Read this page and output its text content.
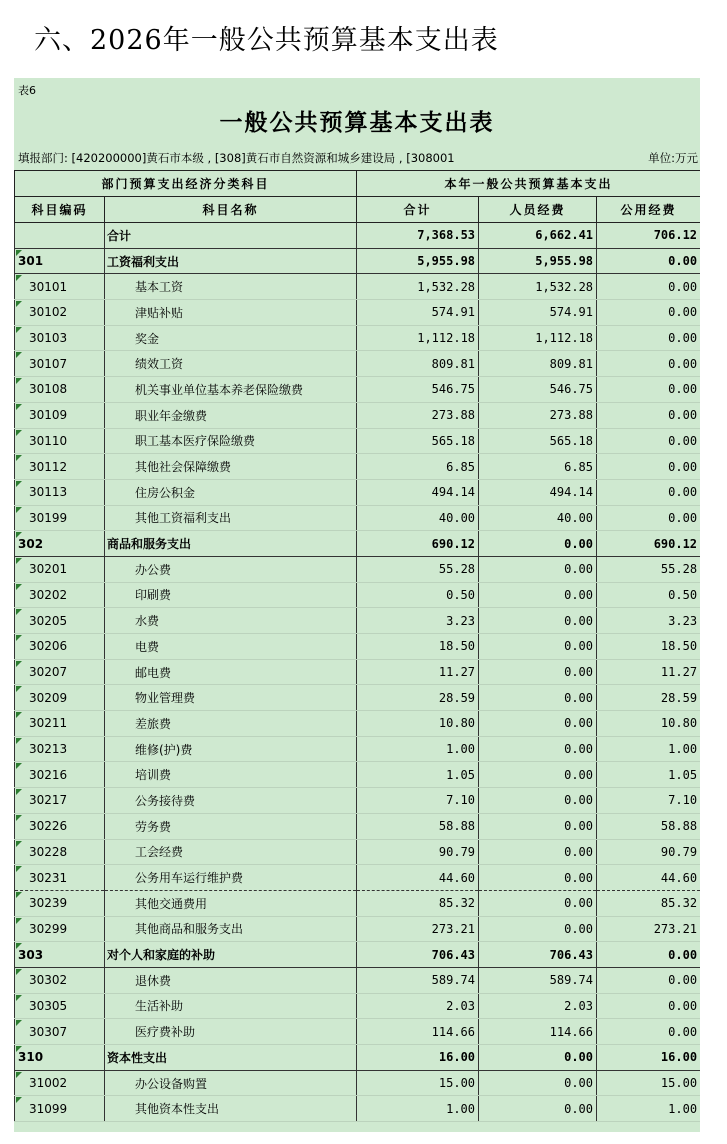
六、2026年一般公共预算基本支出表
表6
一般公共预算基本支出表
填报部门: [420200000]黄石市本级 , [308]黄石市自然资源和城乡建设局 , [308001	单位:万元
部门预算支出经济分类科目		本年一般公共预算基本支出		
科目编码	科目名称	合计	人员经费	公用经费
	合计	7,368.53	6,662.41	706.12
301	工资福利支出	5,955.98	5,955.98	0.00
30101	基本工资	1,532.28	1,532.28	0.00
30102	津贴补贴	574.91	574.91	0.00
30103	奖金	1,112.18	1,112.18	0.00
30107	绩效工资	809.81	809.81	0.00
30108	机关事业单位基本养老保险缴费	546.75	546.75	0.00
30109	职业年金缴费	273.88	273.88	0.00
30110	职工基本医疗保险缴费	565.18	565.18	0.00
30112	其他社会保障缴费	6.85	6.85	0.00
30113	住房公积金	494.14	494.14	0.00
30199	其他工资福利支出	40.00	40.00	0.00
302	商品和服务支出	690.12	0.00	690.12
30201	办公费	55.28	0.00	55.28
30202	印刷费	0.50	0.00	0.50
30205	水费	3.23	0.00	3.23
30206	电费	18.50	0.00	18.50
30207	邮电费	11.27	0.00	11.27
30209	物业管理费	28.59	0.00	28.59
30211	差旅费	10.80	0.00	10.80
30213	维修(护)费	1.00	0.00	1.00
30216	培训费	1.05	0.00	1.05
30217	公务接待费	7.10	0.00	7.10
30226	劳务费	58.88	0.00	58.88
30228	工会经费	90.79	0.00	90.79
30231	公务用车运行维护费	44.60	0.00	44.60
30239	其他交通费用	85.32	0.00	85.32
30299	其他商品和服务支出	273.21	0.00	273.21
303	对个人和家庭的补助	706.43	706.43	0.00
30302	退休费	589.74	589.74	0.00
30305	生活补助	2.03	2.03	0.00
30307	医疗费补助	114.66	114.66	0.00
310	资本性支出	16.00	0.00	16.00
31002	办公设备购置	15.00	0.00	15.00
31099	其他资本性支出	1.00	0.00	1.00
